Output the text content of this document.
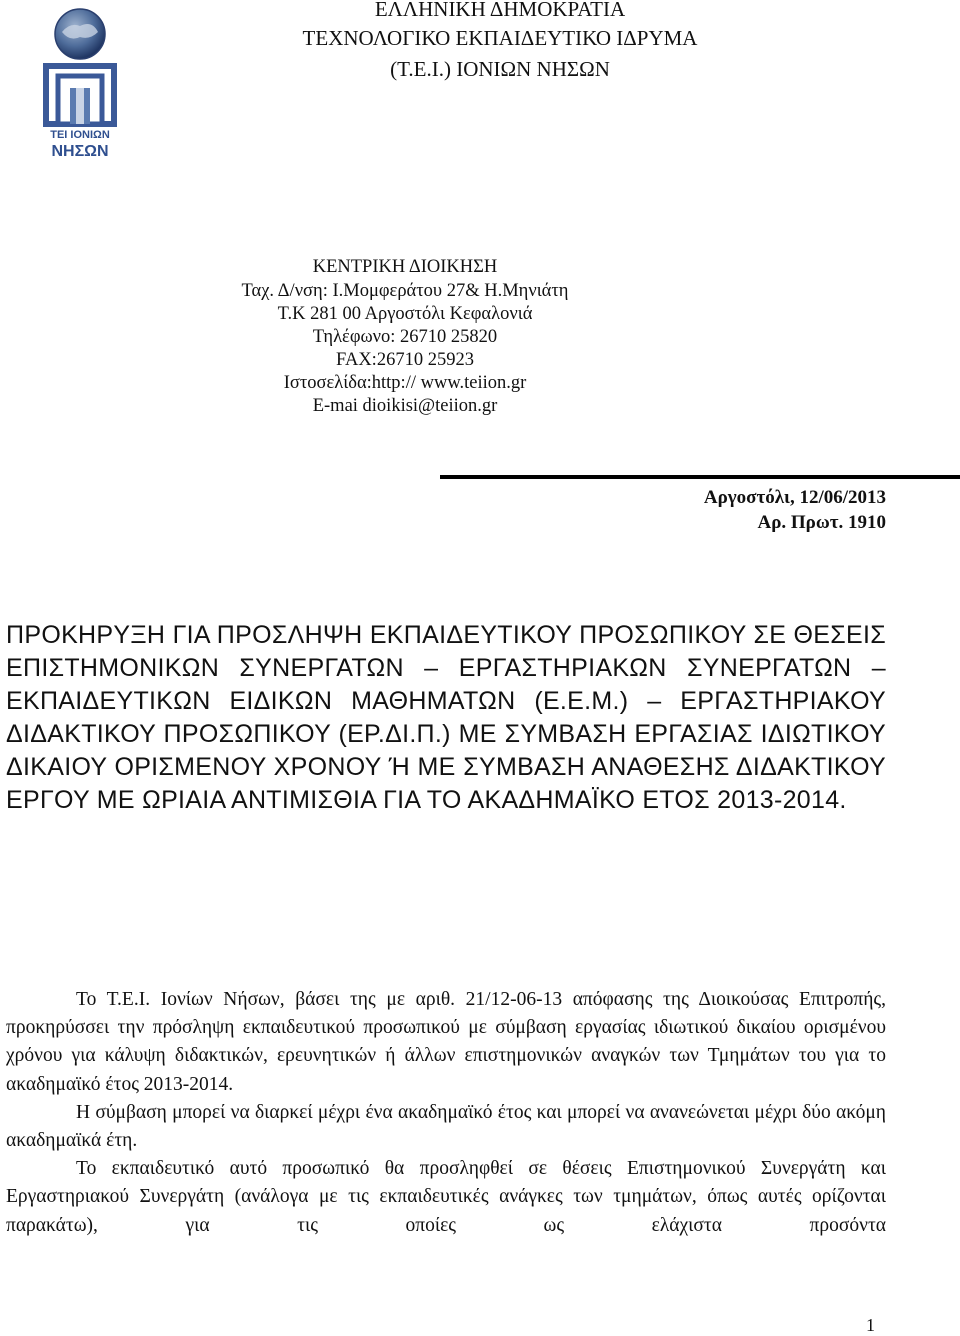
ΤΕΙ ΙΟΝΙΩΝ
ΝΗΣΩΝ
ΕΛΛΗΝΙΚΗ ΔΗΜΟΚΡΑΤΙΑ
ΤΕΧΝΟΛΟΓΙΚΟ ΕΚΠΑΙΔΕΥΤΙΚΟ ΙΔΡΥΜΑ
(Τ.Ε.Ι.) ΙΟΝΙΩΝ ΝΗΣΩΝ
ΚΕΝΤΡΙΚΗ ΔΙΟΙΚΗΣΗ
Ταχ. Δ/νση: Ι.Μομφεράτου 27& Η.Μηνιάτη
Τ.Κ 281 00 Αργοστόλι Κεφαλονιά
Τηλέφωνο: 26710 25820
FAX:26710 25923
Ιστοσελίδα:http:// www.teiion.gr
E-mai dioikisi@teiion.gr
Αργοστόλι, 12/06/2013
Αρ. Πρωτ. 1910
ΠΡΟΚΗΡΥΞΗ ΓΙΑ ΠΡΟΣΛΗΨΗ ΕΚΠΑΙΔΕΥΤΙΚΟΥ ΠΡΟΣΩΠΙΚΟΥ ΣΕ ΘΕΣΕΙΣ ΕΠΙΣΤΗΜΟΝΙΚΩΝ ΣΥΝΕΡΓΑΤΩΝ – ΕΡΓΑΣΤΗΡΙΑΚΩΝ ΣΥΝΕΡΓΑΤΩΝ – ΕΚΠΑΙΔΕΥΤΙΚΩΝ ΕΙΔΙΚΩΝ ΜΑΘΗΜΑΤΩΝ (Ε.Ε.Μ.) – ΕΡΓΑΣΤΗΡΙΑΚΟΥ ΔΙΔΑΚΤΙΚΟΥ ΠΡΟΣΩΠΙΚΟΥ (ΕΡ.ΔΙ.Π.) ΜΕ ΣΥΜΒΑΣΗ ΕΡΓΑΣΙΑΣ ΙΔΙΩΤΙΚΟΥ ΔΙΚΑΙΟΥ ΟΡΙΣΜΕΝΟΥ ΧΡΟΝΟΥ Ή ΜΕ ΣΥΜΒΑΣΗ ΑΝΑΘΕΣΗΣ ΔΙΔΑΚΤΙΚΟΥ ΕΡΓΟΥ ΜΕ ΩΡΙΑΙΑ ΑΝΤΙΜΙΣΘΙΑ ΓΙΑ ΤΟ ΑΚΑΔΗΜΑΪΚΟ ΕΤΟΣ 2013-2014.

Το Τ.Ε.Ι. Ιονίων Νήσων, βάσει της με αριθ. 21/12-06-13 απόφασης της Διοικούσας Επιτροπής, προκηρύσσει την πρόσληψη εκπαιδευτικού προσωπικού με σύμβαση εργασίας ιδιωτικού δικαίου ορισμένου χρόνου για κάλυψη διδακτικών, ερευνητικών ή άλλων επιστημονικών αναγκών των Τμημάτων του για το ακαδημαϊκό έτος 2013-2014.

Η σύμβαση μπορεί να διαρκεί μέχρι ένα ακαδημαϊκό έτος και μπορεί να ανανεώνεται μέχρι δύο ακόμη ακαδημαϊκά έτη.

Το εκπαιδευτικό αυτό προσωπικό θα προσληφθεί σε θέσεις Επιστημονικού Συνεργάτη και Εργαστηριακού Συνεργάτη (ανάλογα με τις εκπαιδευτικές ανάγκες των τμημάτων, όπως αυτές ορίζονται παρακάτω), για τις οποίες ως ελάχιστα προσόντα

1
